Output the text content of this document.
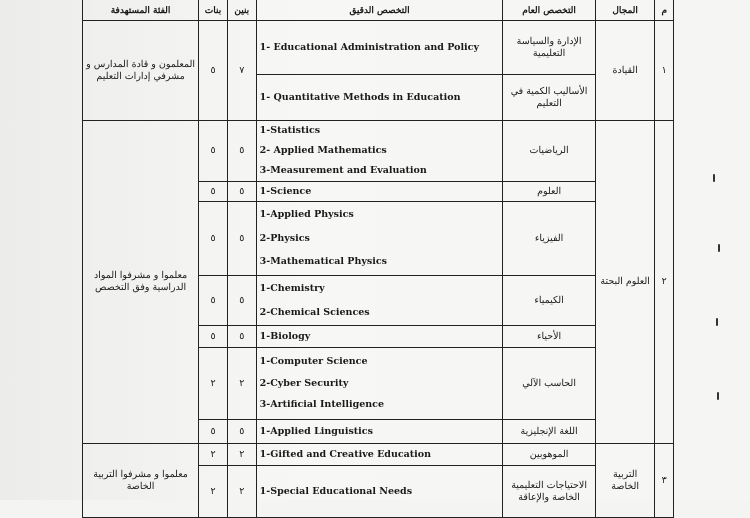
الفئة المستهدفة	بنات	بنين	التخصص الدقيق	التخصص العام	المجال	م
المعلمون و قادة المدارس و مشرفي إدارات التعليم	٥	٧	1- Educational Administration and Policy	الإدارة والسياسة التعليمية	القيادة	١

			1- Quantitative Methods in Education	الأساليب الكمية في التعليم		
معلموا و مشرفوا المواد الدراسية وفق التخصص	٥	٥	1-Statistics
2- Applied Mathematics
3-Measurement and Evaluation	الرياضيات	العلوم البحتة	٢
	٥	٥	1-Science	العلوم		
	٥	٥	1-Applied Physics
2-Physics
3-Mathematical Physics	الفيزياء		
	٥	٥	1-Chemistry
2-Chemical Sciences	الكيمياء		
	٥	٥	1-Biology	الأحياء		
	٢	٢	1-Computer Science
2-Cyber Security
3-Artificial Intelligence	الحاسب الآلي		
	٥	٥	1-Applied Linguistics	اللغة الإنجليزية		
معلموا و مشرفوا التربية الخاصة	٢	٢	1-Gifted and Creative Education	الموهوبين	التربية الخاصة	٣
	٢	٢	1-Special Educational Needs	الاحتياجات التعليمية الخاصة والإعاقة		
